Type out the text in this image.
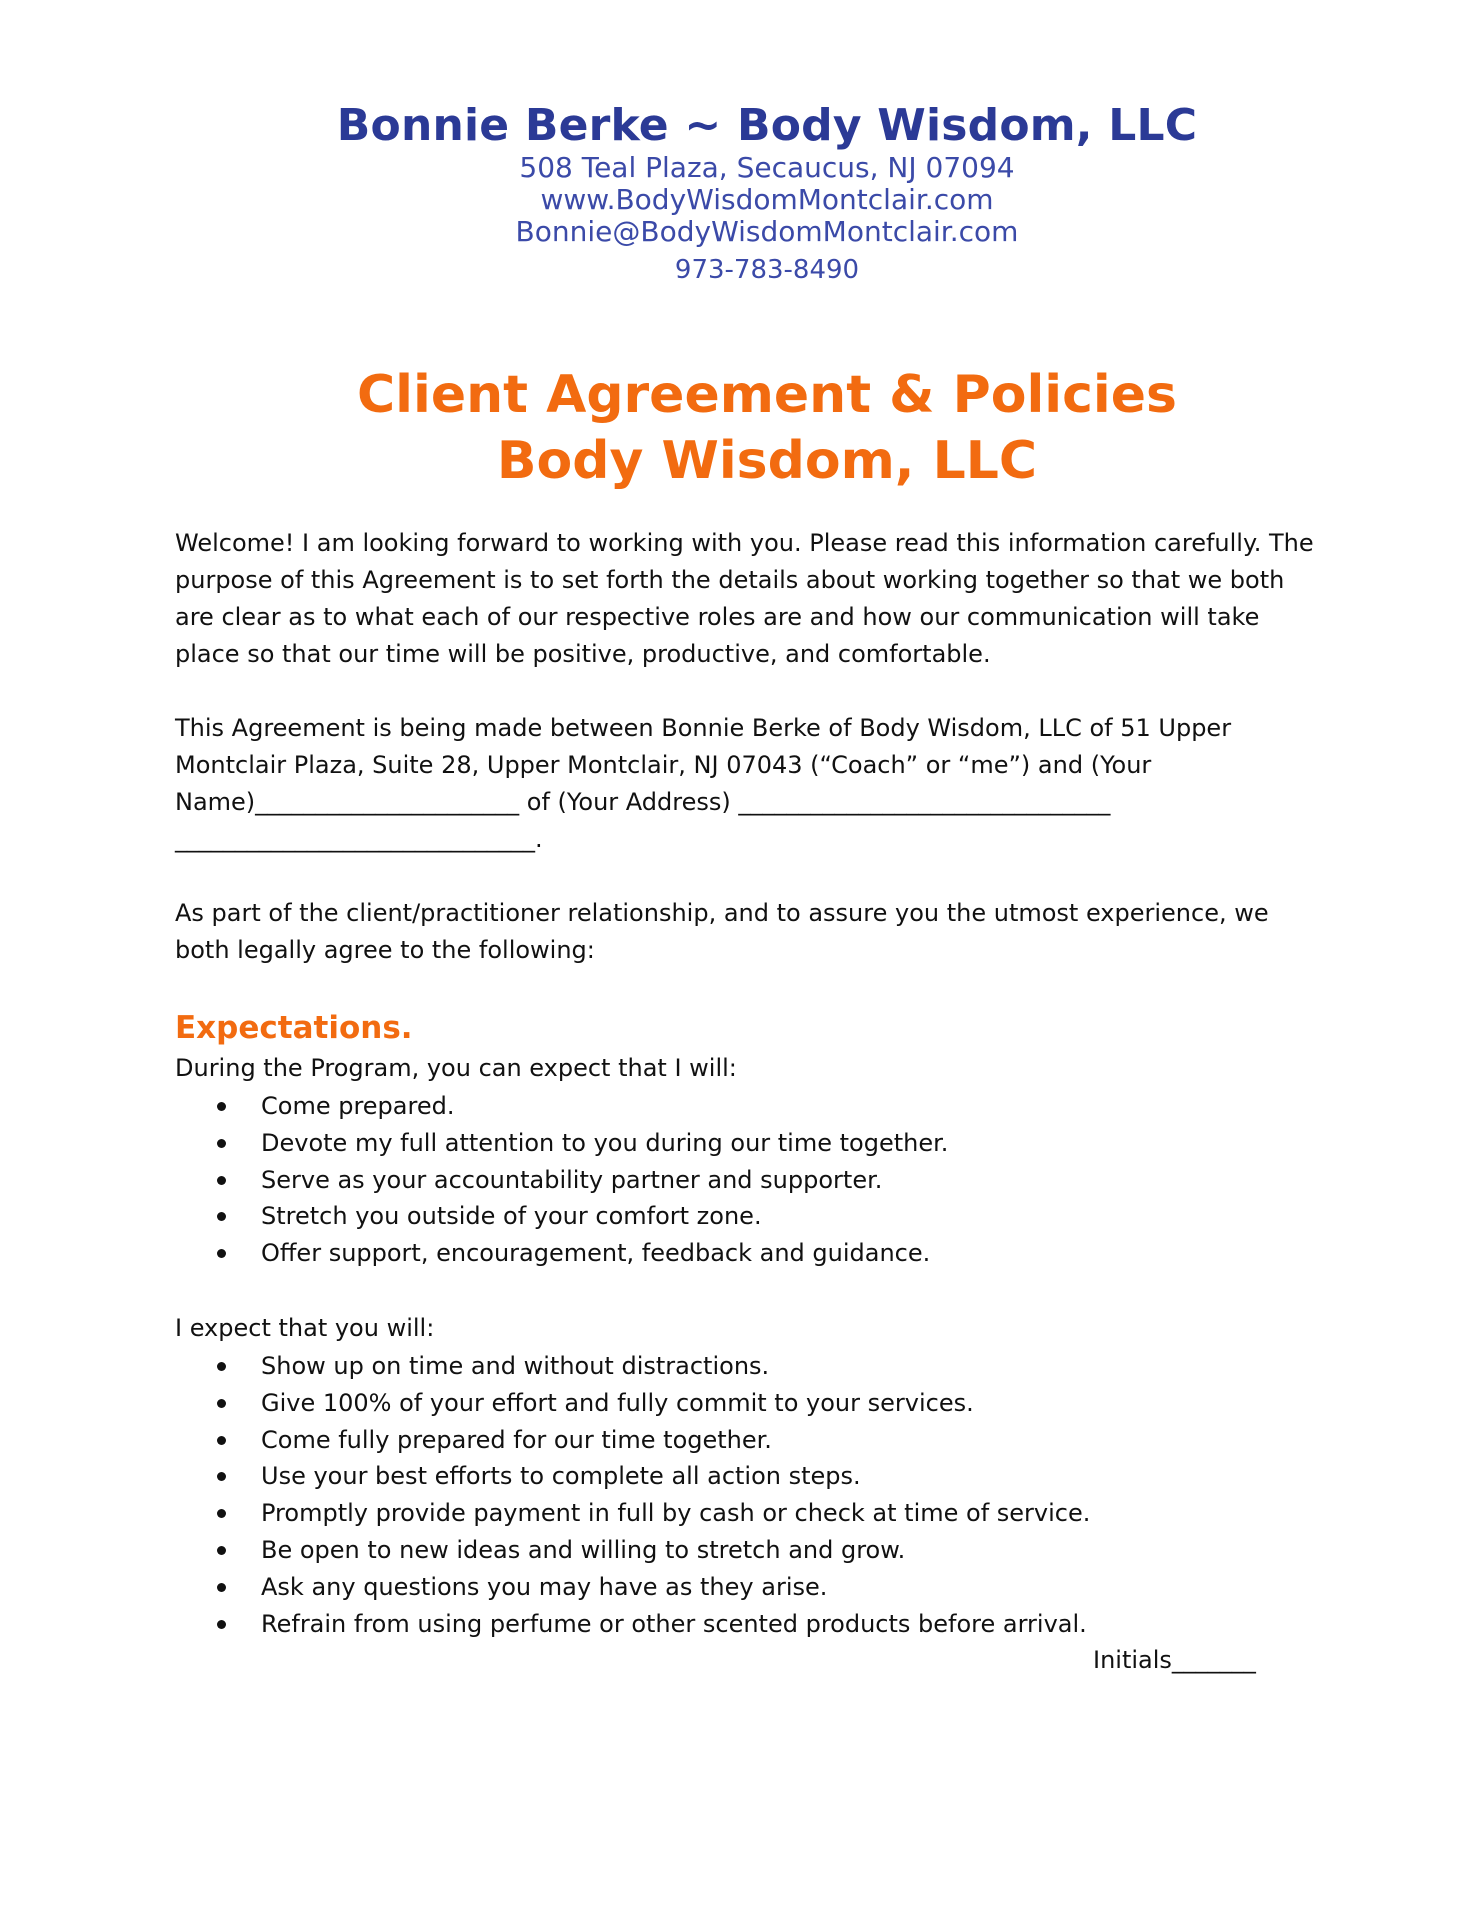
Bonnie Berke ~ Body Wisdom, LLC
508 Teal Plaza, Secaucus, NJ 07094
www.BodyWisdomMontclair.com
Bonnie@BodyWisdomMontclair.com
973-783-8490
Client Agreement & Policies
Body Wisdom, LLC
Welcome! I am looking forward to working with you. Please read this information carefully. The purpose of this Agreement is to set forth the details about working together so that we both are clear as to what each of our respective roles are and how our communication will take place so that our time will be positive, productive, and comfortable.
This Agreement is being made between Bonnie Berke of Body Wisdom, LLC of 51 Upper Montclair Plaza, Suite 28, Upper Montclair, NJ 07043 (“Coach” or “me”) and (Your Name)______________________ of (Your Address) _______________________________ ______________________________.
As part of the client/practitioner relationship, and to assure you the utmost experience, we both legally agree to the following:
Expectations.
During the Program, you can expect that I will:
Come prepared.
Devote my full attention to you during our time together.
Serve as your accountability partner and supporter.
Stretch you outside of your comfort zone.
Offer support, encouragement, feedback and guidance.
I expect that you will:
Show up on time and without distractions.
Give 100% of your effort and fully commit to your services.
Come fully prepared for our time together.
Use your best efforts to complete all action steps.
Promptly provide payment in full by cash or check at time of service.
Be open to new ideas and willing to stretch and grow.
Ask any questions you may have as they arise.
Refrain from using perfume or other scented products before arrival.
Initials_______
